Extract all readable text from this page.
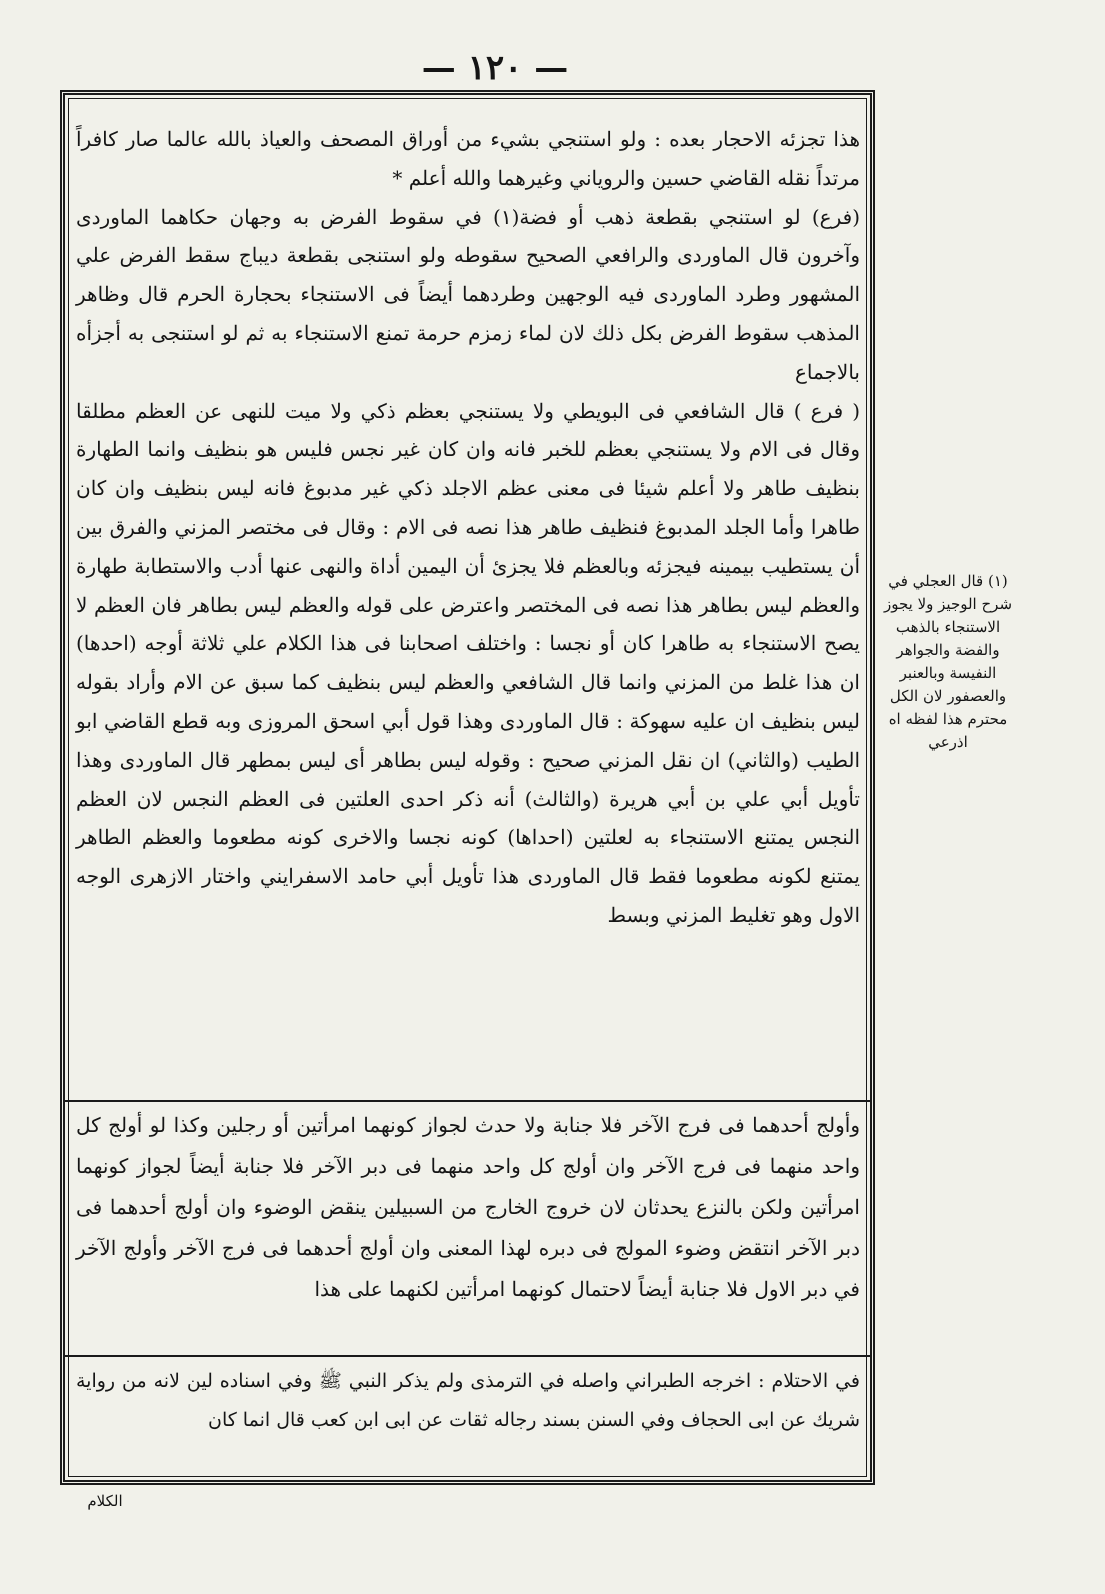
— ١٢٠ —

هذا تجزئه الاحجار بعده : ولو استنجي بشيء من أوراق المصحف والعياذ بالله عالما صار كافراً مرتداً نقله القاضي حسين والروياني وغيرهما والله أعلم *

(فرع) لو استنجي بقطعة ذهب أو فضة(١) في سقوط الفرض به وجهان حكاهما الماوردى وآخرون قال الماوردى والرافعي الصحيح سقوطه ولو استنجى بقطعة ديباج سقط الفرض علي المشهور وطرد الماوردى فيه الوجهين وطردهما أيضاً فى الاستنجاء بحجارة الحرم قال وظاهر المذهب سقوط الفرض بكل ذلك لان لماء زمزم حرمة تمنع الاستنجاء به ثم لو استنجى به أجزأه بالاجماع

( فرع ) قال الشافعي فى البويطي ولا يستنجي بعظم ذكي ولا ميت للنهى عن العظم مطلقا وقال فى الام ولا يستنجي بعظم للخبر فانه وان كان غير نجس فليس هو بنظيف وانما الطهارة بنظيف طاهر ولا أعلم شيئا فى معنى عظم الاجلد ذكي غير مدبوغ فانه ليس بنظيف وان كان طاهرا وأما الجلد المدبوغ فنظيف طاهر هذا نصه فى الام : وقال فى مختصر المزني والفرق بين أن يستطيب بيمينه فيجزئه وبالعظم فلا يجزئ أن اليمين أداة والنهى عنها أدب والاستطابة طهارة والعظم ليس بطاهر هذا نصه فى المختصر واعترض على قوله والعظم ليس بطاهر فان العظم لا يصح الاستنجاء به طاهرا كان أو نجسا : واختلف اصحابنا فى هذا الكلام علي ثلاثة أوجه (احدها) ان هذا غلط من المزني وانما قال الشافعي والعظم ليس بنظيف كما سبق عن الام وأراد بقوله ليس بنظيف ان عليه سهوكة : قال الماوردى وهذا قول أبي اسحق المروزى وبه قطع القاضي ابو الطيب (والثاني) ان نقل المزني صحيح : وقوله ليس بطاهر أى ليس بمطهر قال الماوردى وهذا تأويل أبي علي بن أبي هريرة (والثالث) أنه ذكر احدى العلتين فى العظم النجس لان العظم النجس يمتنع الاستنجاء به لعلتين (احداها) كونه نجسا والاخرى كونه مطعوما والعظم الطاهر يمتنع لكونه مطعوما فقط قال الماوردى هذا تأويل أبي حامد الاسفرايني واختار الازهرى الوجه الاول وهو تغليط المزني وبسط

وأولج أحدهما فى فرج الآخر فلا جنابة ولا حدث لجواز كونهما امرأتين أو رجلين وكذا لو أولج كل واحد منهما فى فرج الآخر وان أولج كل واحد منهما فى دبر الآخر فلا جنابة أيضاً لجواز كونهما امرأتين ولكن بالنزع يحدثان لان خروج الخارج من السبيلين ينقض الوضوء وان أولج أحدهما فى دبر الآخر انتقض وضوء المولج فى دبره لهذا المعنى وان أولج أحدهما فى فرج الآخر وأولج الآخر في دبر الاول فلا جنابة أيضاً لاحتمال كونهما امرأتين لكنهما على هذا

في الاحتلام : اخرجه الطبراني واصله في الترمذى ولم يذكر النبي ﷺ وفي اسناده لين لانه من رواية شريك عن ابى الحجاف وفي السنن بسند رجاله ثقات عن ابى ابن كعب قال انما كان

(١) قال العجلي في شرح الوجيز ولا يجوز الاستنجاء بالذهب والفضة والجواهر النفيسة وبالعنبر والعصفور لان الكل محترم هذا لفظه اه اذرعي
الكلام
